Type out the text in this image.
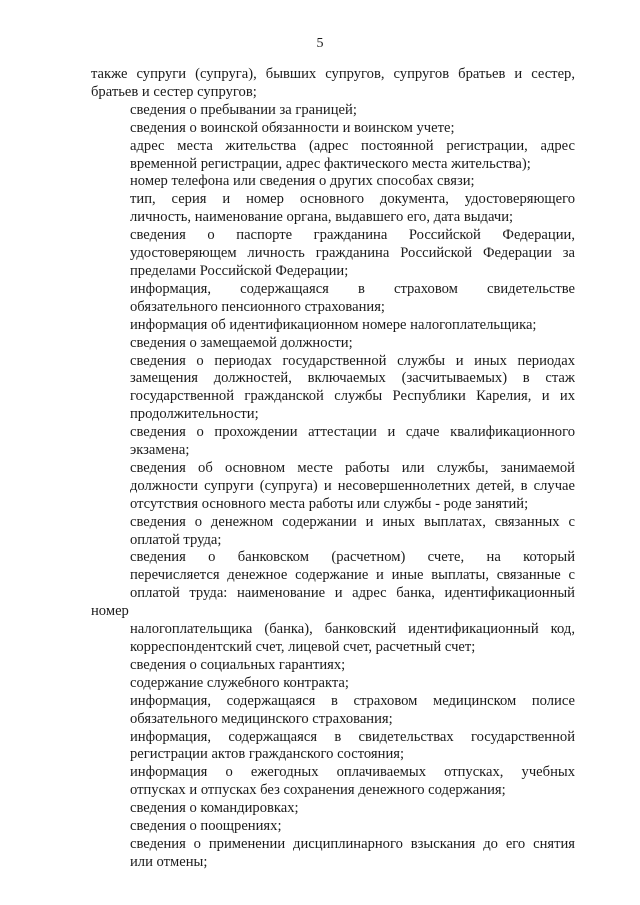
5
также супруги (супруга), бывших супругов, супругов братьев и сестер,
братьев и сестер супругов;
сведения о пребывании за границей;
сведения о воинской обязанности и воинском учете;
адрес места жительства (адрес постоянной регистрации, адрес
временной регистрации, адрес фактического места жительства);
номер телефона или сведения о других способах связи;
тип, серия и номер основного документа, удостоверяющего
личность, наименование органа, выдавшего его, дата выдачи;
сведения о паспорте гражданина Российской Федерации,
удостоверяющем личность гражданина Российской Федерации за
пределами Российской Федерации;
информация, содержащаяся в страховом свидетельстве
обязательного пенсионного страхования;
информация об идентификационном номере налогоплательщика;
сведения о замещаемой должности;
сведения о периодах государственной службы и иных периодах
замещения должностей, включаемых (засчитываемых) в стаж
государственной гражданской службы Республики Карелия, и их
продолжительности;
сведения о прохождении аттестации и сдаче квалификационного
экзамена;
сведения об основном месте работы или службы, занимаемой
должности супруги (супруга) и несовершеннолетних детей, в случае
отсутствия основного места работы или службы - роде занятий;
сведения о денежном содержании и иных выплатах, связанных с
оплатой труда;
сведения о банковском (расчетном) счете, на который
перечисляется денежное содержание и иные выплаты, связанные с
оплатой труда: наименование и адрес банка, идентификационный номер
налогоплательщика (банка), банковский идентификационный код,
корреспондентский счет, лицевой счет, расчетный счет;
сведения о социальных гарантиях;
содержание служебного контракта;
информация, содержащаяся в страховом медицинском полисе
обязательного медицинского страхования;
информация, содержащаяся в свидетельствах государственной
регистрации актов гражданского состояния;
информация о ежегодных оплачиваемых отпусках, учебных
отпусках и отпусках без сохранения денежного содержания;
сведения о командировках;
сведения о поощрениях;
сведения о применении дисциплинарного взыскания до его снятия
или отмены;
